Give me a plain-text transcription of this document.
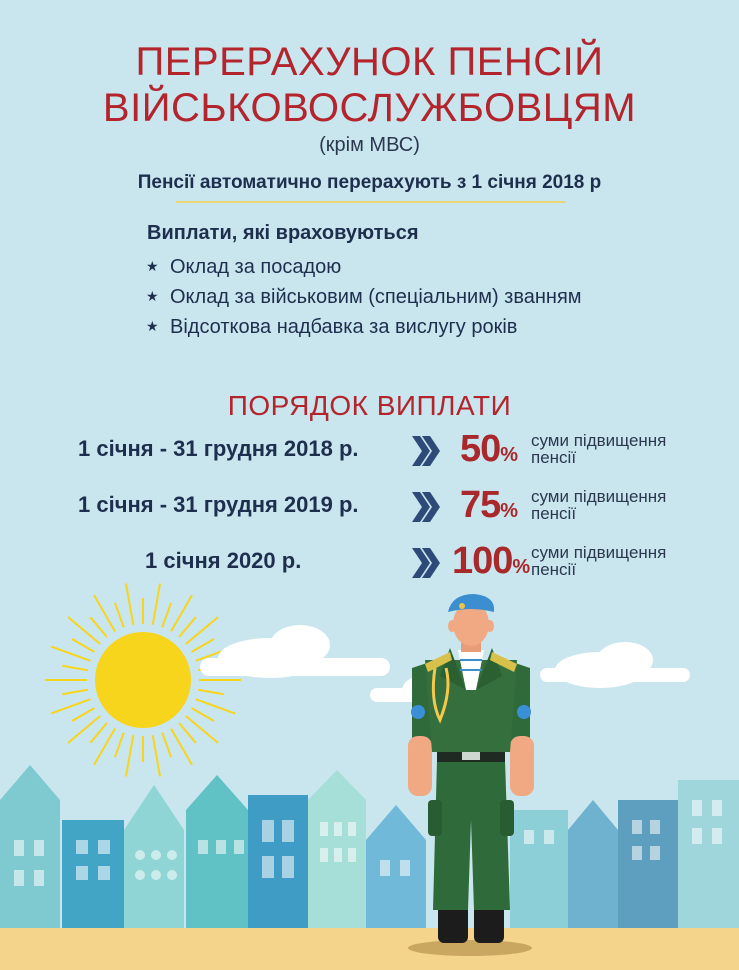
ПЕРЕРАХУНОК ПЕНСІЙ
ВІЙСЬКОВОСЛУЖБОВЦЯМ
(крім МВС)
Пенсії автоматично перерахують з 1 січня 2018 р
Виплати, які враховуються
★ Оклад за посадою
★ Оклад за військовим (спеціальним) званням
★ Відсоткова надбавка за вислугу років
ПОРЯДОК ВИПЛАТИ
1 січня - 31 грудня 2018 р.	50%
суми підвищення
пенсії
1 січня - 31 грудня 2019 р.	75%
суми підвищення
пенсії
1 січня 2020 р.	100%
суми підвищення
пенсії
